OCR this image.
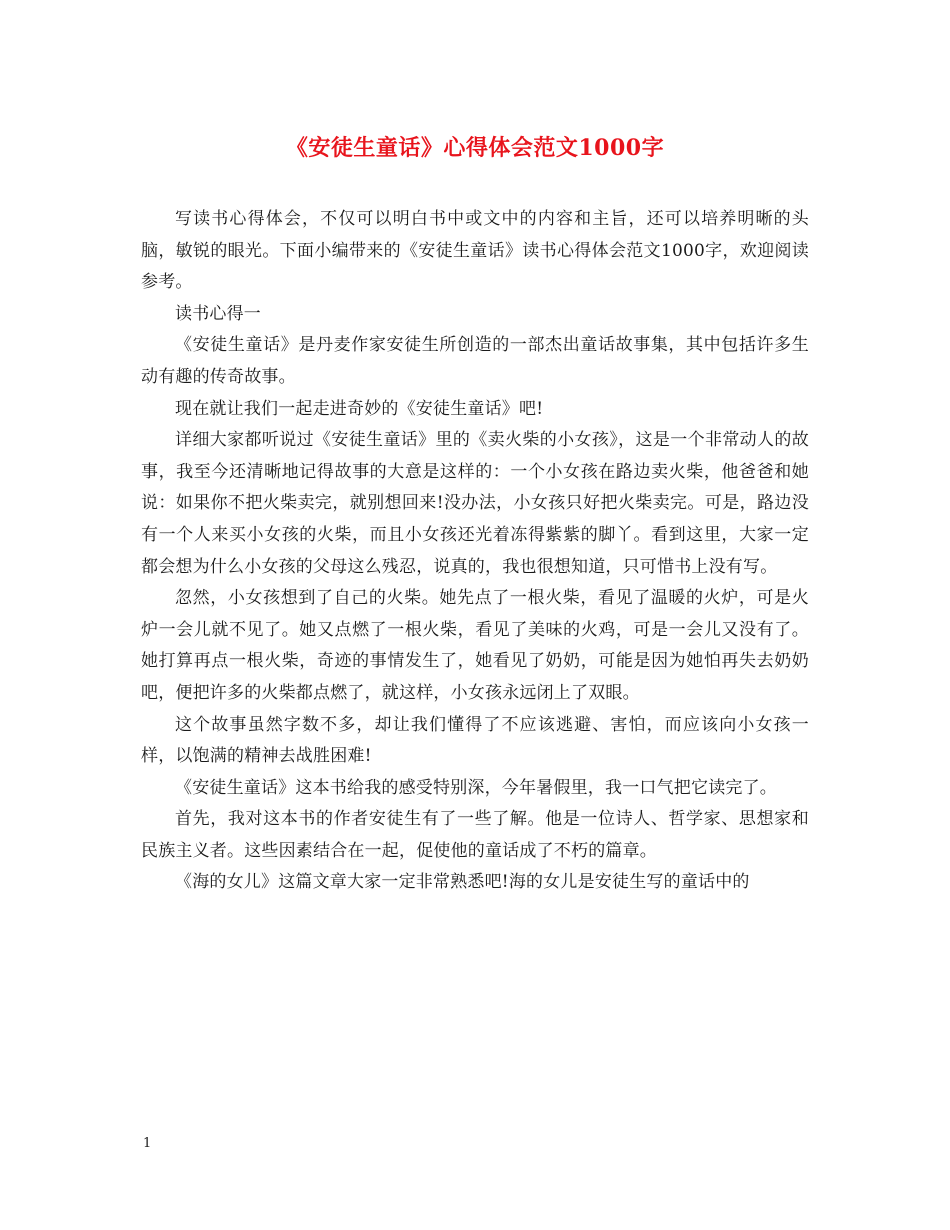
《安徒生童话》心得体会范文1000字

写读书心得体会，不仅可以明白书中或文中的内容和主旨，还可以培养明晰的头脑，敏锐的眼光。下面小编带来的《安徒生童话》读书心得体会范文1000字，欢迎阅读参考。

读书心得一

《安徒生童话》是丹麦作家安徒生所创造的一部杰出童话故事集，其中包括许多生动有趣的传奇故事。

现在就让我们一起走进奇妙的《安徒生童话》吧!

详细大家都听说过《安徒生童话》里的《卖火柴的小女孩》，这是一个非常动人的故事，我至今还清晰地记得故事的大意是这样的：一个小女孩在路边卖火柴，他爸爸和她说：如果你不把火柴卖完，就别想回来!没办法，小女孩只好把火柴卖完。可是，路边没有一个人来买小女孩的火柴，而且小女孩还光着冻得紫紫的脚丫。看到这里，大家一定都会想为什么小女孩的父母这么残忍，说真的，我也很想知道，只可惜书上没有写。

忽然，小女孩想到了自己的火柴。她先点了一根火柴，看见了温暖的火炉，可是火炉一会儿就不见了。她又点燃了一根火柴，看见了美味的火鸡，可是一会儿又没有了。她打算再点一根火柴，奇迹的事情发生了，她看见了奶奶，可能是因为她怕再失去奶奶吧，便把许多的火柴都点燃了，就这样，小女孩永远闭上了双眼。

这个故事虽然字数不多，却让我们懂得了不应该逃避、害怕，而应该向小女孩一样，以饱满的精神去战胜困难!

《安徒生童话》这本书给我的感受特别深，今年暑假里，我一口气把它读完了。

首先，我对这本书的作者安徒生有了一些了解。他是一位诗人、哲学家、思想家和民族主义者。这些因素结合在一起，促使他的童话成了不朽的篇章。

《海的女儿》这篇文章大家一定非常熟悉吧!海的女儿是安徒生写的童话中的

1
